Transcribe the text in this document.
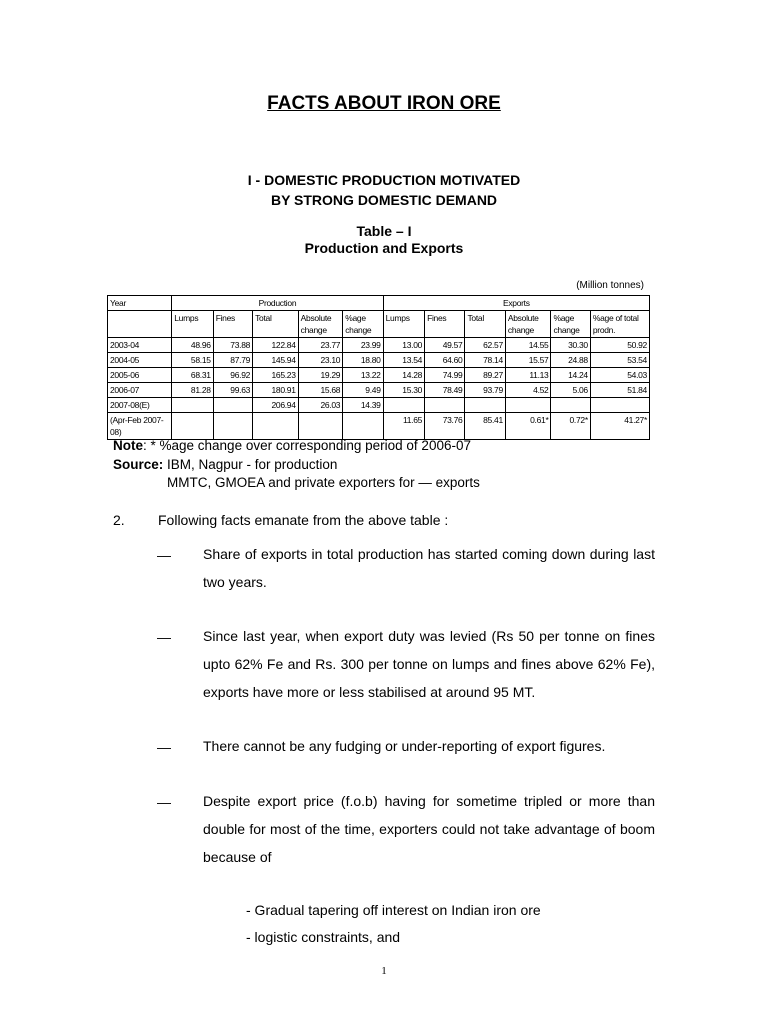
FACTS ABOUT IRON ORE
I - DOMESTIC PRODUCTION MOTIVATED
BY STRONG DOMESTIC DEMAND
Table – I
Production and Exports
(Million tonnes)
Year	Production					Exports					
	Lumps	Fines	Total	Absolute change	%age change	Lumps	Fines	Total	Absolute change	%age change	%age of total prodn.
2003-04	48.96	73.88	122.84	23.77	23.99	13.00	49.57	62.57	14.55	30.30	50.92
2004-05	58.15	87.79	145.94	23.10	18.80	13.54	64.60	78.14	15.57	24.88	53.54
2005-06	68.31	96.92	165.23	19.29	13.22	14.28	74.99	89.27	11.13	14.24	54.03
2006-07	81.28	99.63	180.91	15.68	9.49	15.30	78.49	93.79	4.52	5.06	51.84
2007-08(E)			206.94	26.03	14.39						
(Apr-Feb 2007-08)						11.65	73.76	85.41	0.61*	0.72*	41.27*
Note: * %age change over corresponding period of 2006-07
Source: IBM, Nagpur - for production
MMTC, GMOEA and private exporters for — exports
2. Following facts emanate from the above table :
— Share of exports in total production has started coming down during last two years.
— Since last year, when export duty was levied (Rs 50 per tonne on fines upto 62% Fe and Rs. 300 per tonne on lumps and fines above 62% Fe), exports have more or less stabilised at around 95 MT.
— There cannot be any fudging or under-reporting of export figures.
— Despite export price (f.o.b) having for sometime tripled or more than double for most of the time, exporters could not take advantage of boom because of
- Gradual tapering off interest on Indian iron ore
- logistic constraints, and
1
